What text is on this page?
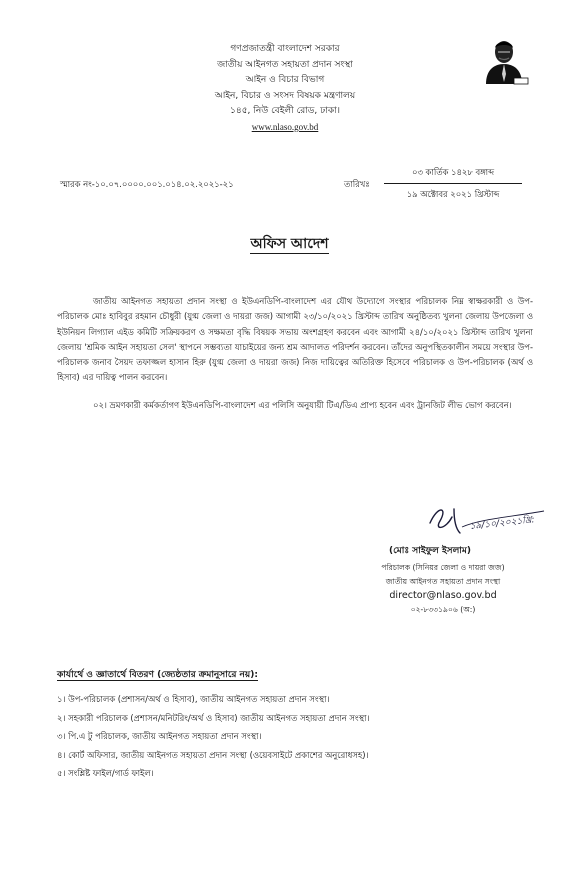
গণপ্রজাতন্ত্রী বাংলাদেশ সরকার
জাতীয় আইনগত সহায়তা প্রদান সংস্থা
আইন ও বিচার বিভাগ
আইন, বিচার ও সংসদ বিষয়ক মন্ত্রণালয়
১৪৫, নিউ বেইলী রোড, ঢাকা।
www.nlaso.gov.bd
স্মারক নং-১০.০৭.০০০০.০০১.০১৪.০২.২০২১-২১	তারিখঃ
০৩ কার্তিক ১৪২৮ বঙ্গাব্দ
১৯ অক্টোবর ২০২১ খ্রিস্টাব্দ
অফিস আদেশ

জাতীয় আইনগত সহায়তা প্রদান সংস্থা ও ইউএনডিপি-বাংলাদেশ এর যৌথ উদ্যোগে সংস্থার পরিচালক নিম্ন স্বাক্ষরকারী ও উপ-পরিচালক মোঃ হাবিবুর রহমান চৌধুরী (যুগ্ম জেলা ও দায়রা জজ) আগামী ২৩/১০/২০২১ খ্রিস্টাব্দ তারিখ অনুষ্ঠিতব্য খুলনা জেলায় উপজেলা ও ইউনিয়ন লিগ্যাল এইড কমিটি সক্রিয়করণ ও সক্ষমতা বৃদ্ধি বিষয়ক সভায় অংশগ্রহণ করবেন এবং আগামী ২৪/১০/২০২১ খ্রিস্টাব্দ তারিখ খুলনা জেলায় 'শ্রমিক আইন সহায়তা সেল' স্থাপনে সম্ভব্যতা যাচাইয়ের জন্য শ্রম আদালত পরিদর্শন করবেন। তাঁদের অনুপস্থিতকালীন সময়ে সংস্থার উপ-পরিচালক জনাব সৈয়দ তফাজ্জল হাসান হিরু (যুগ্ম জেলা ও দায়রা জজ) নিজ দায়িত্বের অতিরিক্ত হিসেবে পরিচালক ও উপ-পরিচালক (অর্থ ও হিসাব) এর দায়িত্ব পালন করবেন।

০২। ভ্রমণকারী কর্মকর্তাগণ ইউএনডিপি-বাংলাদেশ এর পলিসি অনুযায়ী টিএ/ডিএ প্রাপ্য হবেন এবং ট্রানজিট লীভ ভোগ করবেন।

১৯/১০/২০২১খ্রি:
(মোঃ সাইফুল ইসলাম)
পরিচালক (সিনিয়র জেলা ও দায়রা জজ)
জাতীয় আইনগত সহায়তা প্রদান সংস্থা
director@nlaso.gov.bd
০২-৮৩৩১৯০৬ (অ:)
কার্যার্থে ও জ্ঞাতার্থে বিতরণ (জ্যেষ্ঠতার ক্রমানুসারে নয়):
১। উপ-পরিচালক (প্রশাসন/অর্থ ও হিসাব), জাতীয় আইনগত সহায়তা প্রদান সংস্থা।
২। সহকারী পরিচালক (প্রশাসন/মনিটরিং/অর্থ ও হিসাব) জাতীয় আইনগত সহায়তা প্রদান সংস্থা।
৩। পি.এ টু পরিচালক, জাতীয় আইনগত সহায়তা প্রদান সংস্থা।
৪। কোর্ট অফিসার, জাতীয় আইনগত সহায়তা প্রদান সংস্থা (ওয়েবসাইটে প্রকাশের অনুরোধসহ)।
৫। সংশ্লিষ্ট ফাইল/গার্ড ফাইল।
